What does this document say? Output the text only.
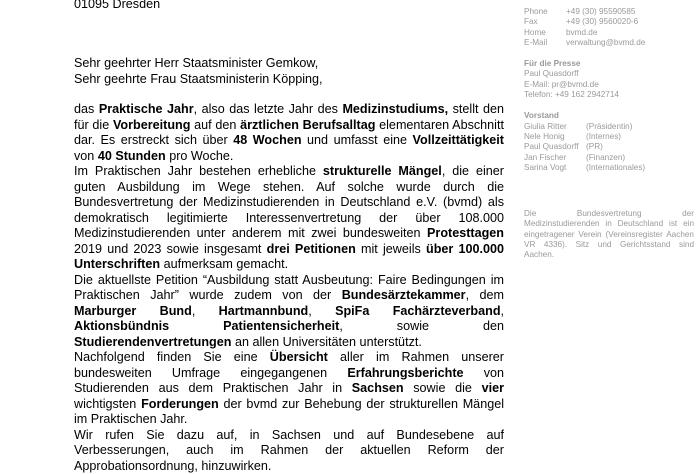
01095 Dresden
Sehr geehrter Herr Staatsminister Gemkow,
Sehr geehrte Frau Staatsministerin Köpping,

das Praktische Jahr, also das letzte Jahr des Medizinstudiums, stellt den für die Vorbereitung auf den ärztlichen Berufsalltag elementaren Abschnitt dar. Es erstreckt sich über 48 Wochen und umfasst eine Vollzeittätigkeit von 40 Stunden pro Woche.

Im Praktischen Jahr bestehen erhebliche strukturelle Mängel, die einer guten Ausbildung im Wege stehen. Auf solche wurde durch die Bundesvertretung der Medizinstudierenden in Deutschland e.V. (bvmd) als demokratisch legitimierte Interessenvertretung der über 108.000 Medizinstudierenden unter anderem mit zwei bundesweiten Protesttagen 2019 und 2023 sowie insgesamt drei Petitionen mit jeweils über 100.000 Unterschriften aufmerksam gemacht.

Die aktuellste Petition “Ausbildung statt Ausbeutung: Faire Bedingungen im Praktischen Jahr” wurde zudem von der Bundesärztekammer, dem Marburger Bund, Hartmannbund, SpiFa Fachärzteverband, Aktionsbündnis Patientensicherheit, sowie den Studierendenvertretungen an allen Universitäten unterstützt.

Nachfolgend finden Sie eine Übersicht aller im Rahmen unserer bundesweiten Umfrage eingegangenen Erfahrungsberichte von Studierenden aus dem Praktischen Jahr in Sachsen sowie die vier wichtigsten Forderungen der bvmd zur Behebung der strukturellen Mängel im Praktischen Jahr.

Wir rufen Sie dazu auf, in Sachsen und auf Bundesebene auf Verbesserungen, auch im Rahmen der aktuellen Reform der Approbationsordnung, hinzuwirken.

Phone	+49 (30) 95590585
Fax	+49 (30) 9560020-6
Home	bvmd.de
E-Mail	verwaltung@bvmd.de
Für die Presse
Paul Quasdorff
E-Mail: pr@bvmd.de
Telefon: +49 162 2942714
Vorstand
Giulia Ritter	(Präsidentin)
Nele Honig	(Internes)
Paul Quasdorff (PR)
Jan Fischer	(Finanzen)
Sarina Vogt	(Internationales)
Die Bundesvertretung der Medizinstudierenden in Deutschland ist ein eingetragener Verein (Vereinsregister Aachen VR 4336). Sitz und Gerichtsstand sind Aachen.
